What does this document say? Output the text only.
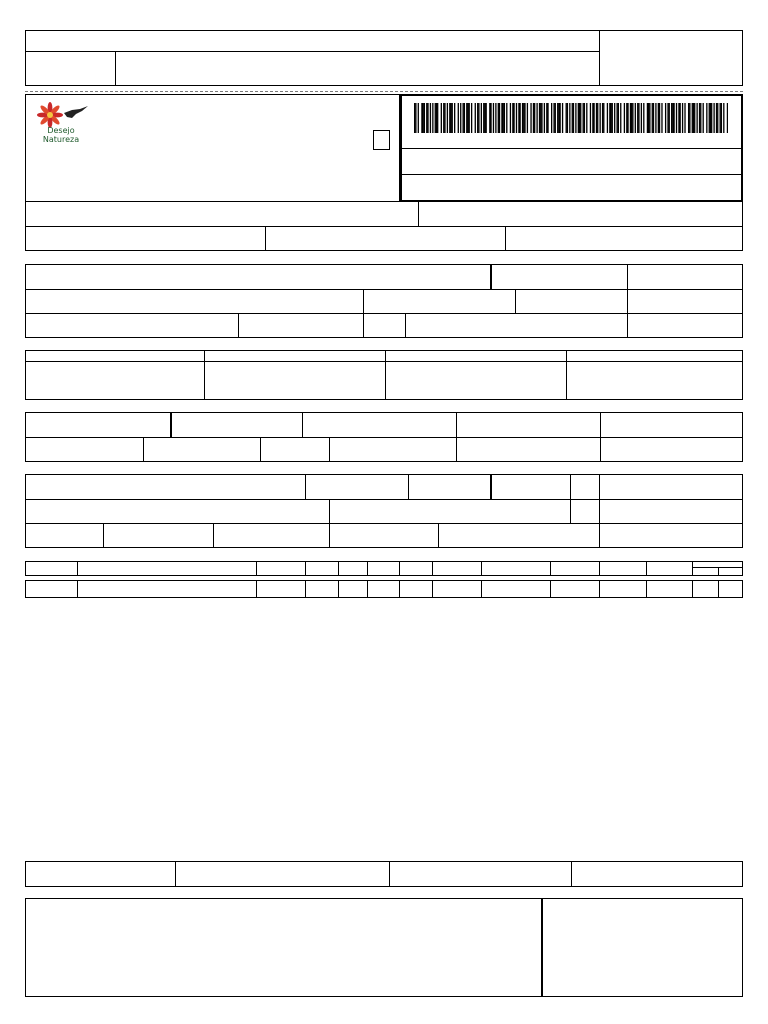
Desejo
Natureza
